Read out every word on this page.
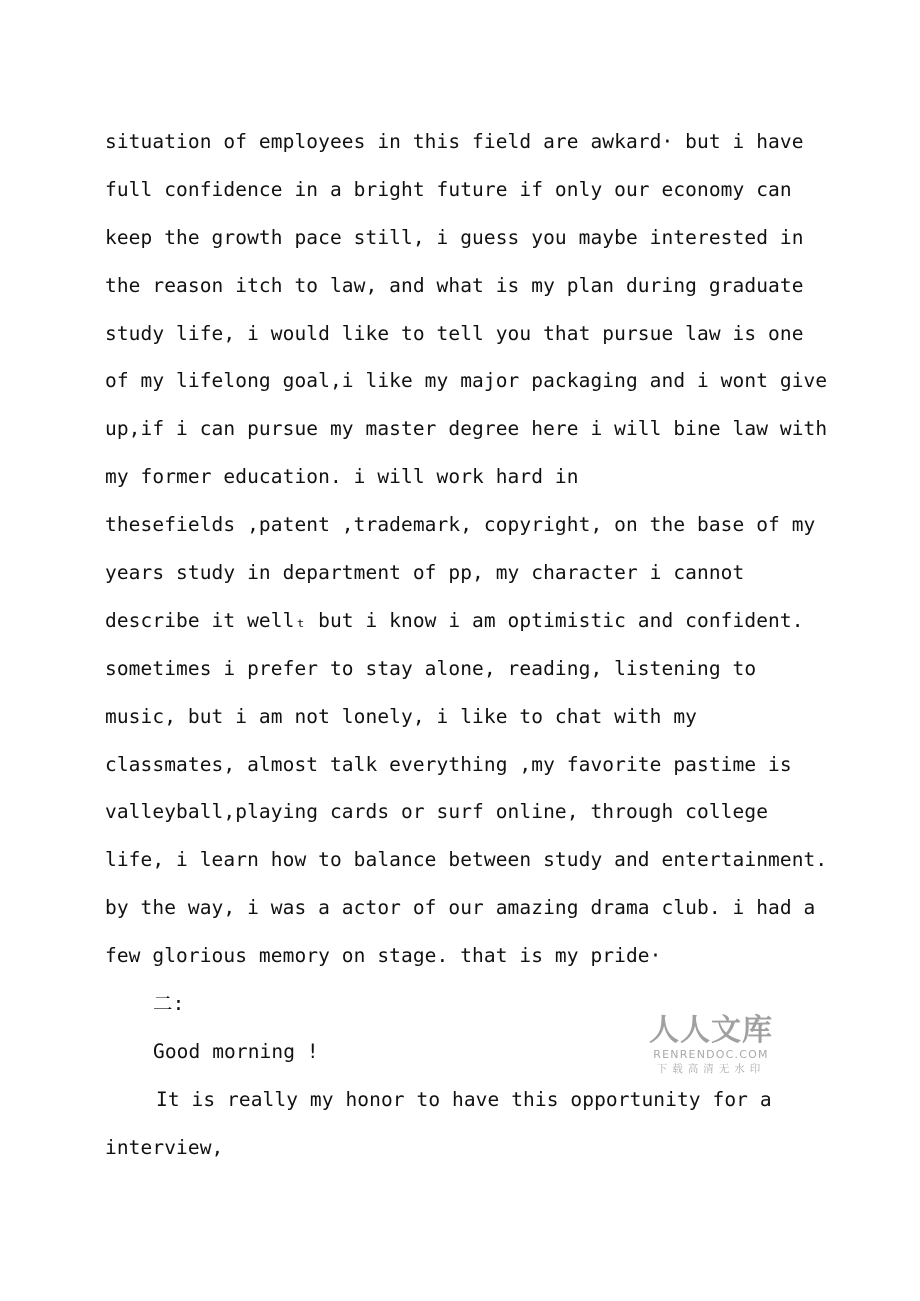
situation of employees in this field are awkard· but i have
full confidence in a bright future if only our economy can
keep the growth pace still, i guess you maybe interested in
the reason itch to law, and what is my plan during graduate
study life, i would like to tell you that pursue law is one
of my lifelong goal,i like my major packaging and i wont give
up,if i can pursue my master degree here i will bine law with
my former education. i will work hard in
thesefields ,patent ,trademark, copyright, on the base of my
years study in department of pp, my character i cannot
describe it wellₜ but i know i am optimistic and confident.
sometimes i prefer to stay alone, reading, listening to
music, but i am not lonely, i like to chat with my
classmates, almost talk everything ,my favorite pastime is
valleyball,playing cards or surf online, through college
life, i learn how to balance between study and entertainment.
by the way, i was a actor of our amazing drama club. i had a
few glorious memory on stage. that is my pride·
二:
Good morning !
It is really my honor to have this opportunity for a
interview,
人人文库
RENRENDOC.COM
下载高清无水印
